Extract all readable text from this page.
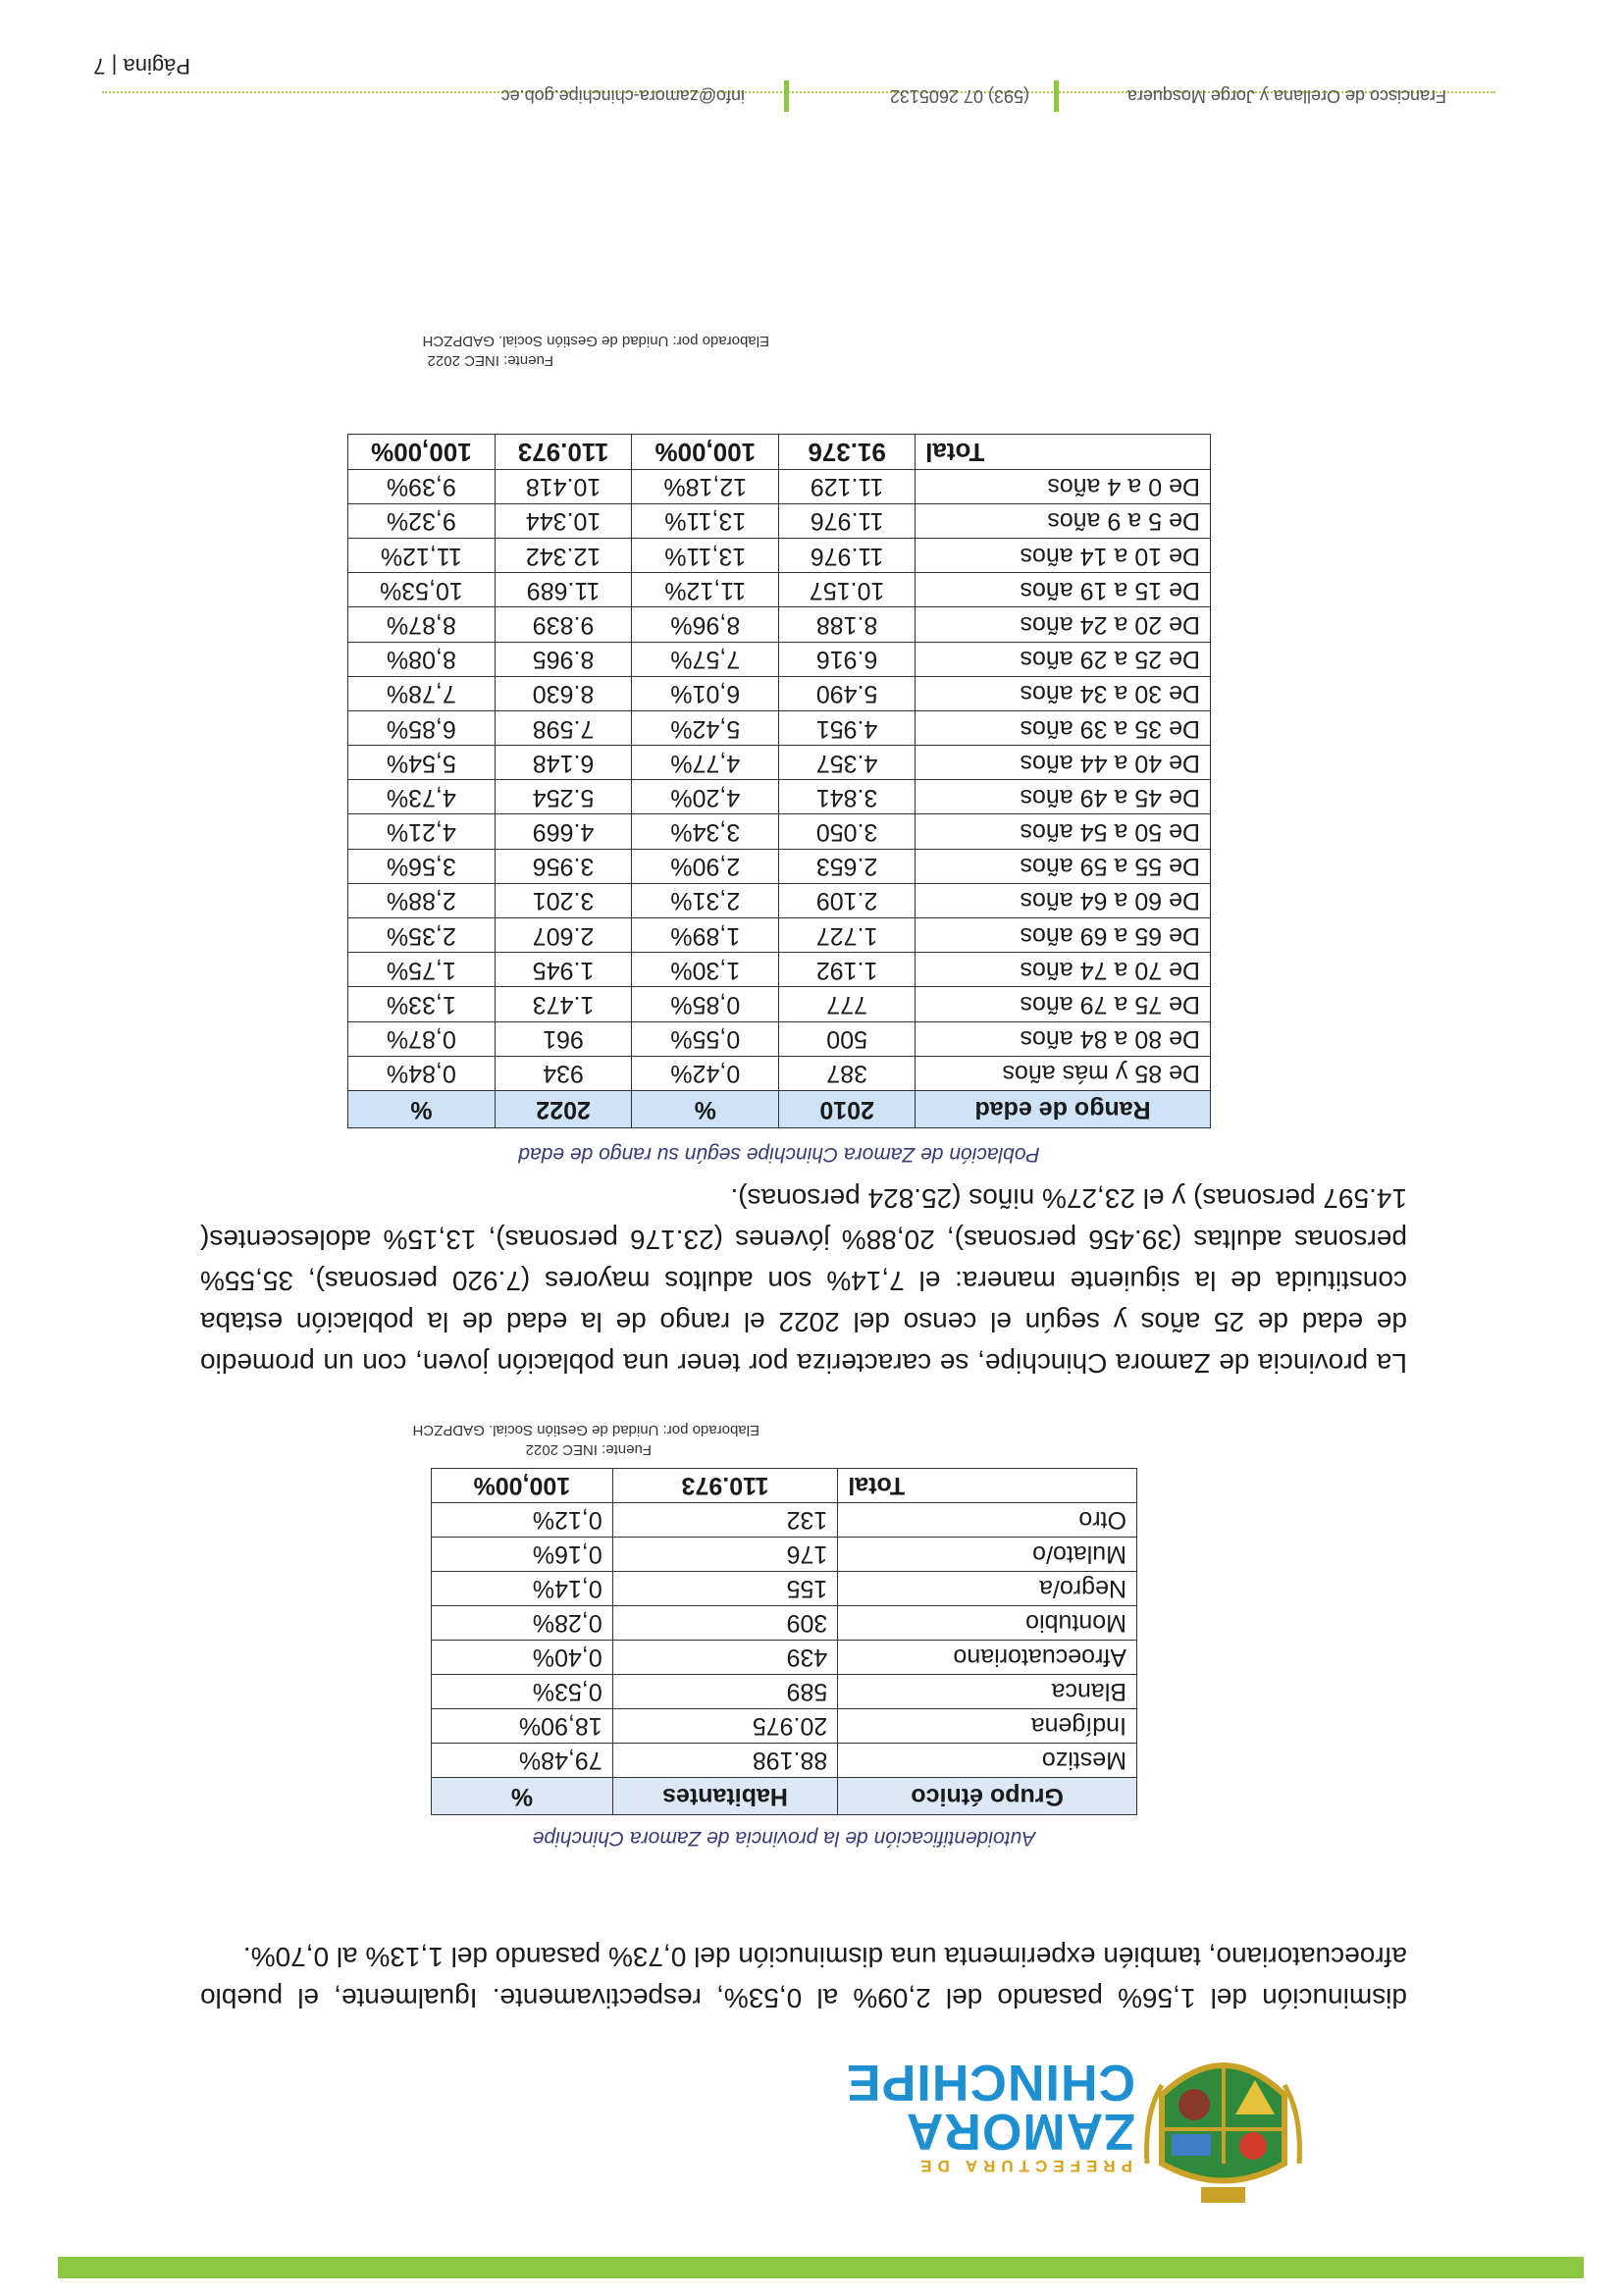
PREFECTURA DE
ZAMORA
CHINCHIPE

disminución del 1,56% pasando del 2,09% al 0,53%, respectivamente. Igualmente, el pueblo afroecuatoriano, también experimenta una disminución del 0,73% pasando del 1,13% al 0,70%.

Autoidentificación de la provincia de Zamora Chinchipe
Grupo étnico	Habitantes	%
Mestizo	88.198	79,48%
Indígena	20.975	18,90%
Blanca	589	0,53%
Afroecuatoriano	439	0,40%
Montubio	309	0,28%
Negro/a	155	0,14%
Mulato/o	176	0,16%
Otro	132	0,12%
Total	110.973	100,00%
Fuente: INEC 2022
Elaborado por: Unidad de Gestión Social. GADPZCH

La provincia de Zamora Chinchipe, se caracteriza por tener una población joven, con un promedio de edad de 25 años y según el censo del 2022 el rango de la edad de la población estaba constituida de la siguiente manera: el 7,14% son adultos mayores (7.920 personas), 35,55% personas adultas (39.456 personas), 20,88% jóvenes (23.176 personas), 13,15% adolescentes( 14.597 personas) y el 23,27% niños (25.824 personas).

Población de Zamora Chinchipe según su rango de edad
Rango de edad	2010	%	2022	%
De 85 y más años	387	0,42%	934	0,84%
De 80 a 84 años	500	0,55%	961	0,87%
De 75 a 79 años	777	0,85%	1.473	1,33%
De 70 a 74 años	1.192	1,30%	1.945	1,75%
De 65 a 69 años	1.727	1,89%	2.607	2,35%
De 60 a 64 años	2.109	2,31%	3.201	2,88%
De 55 a 59 años	2.653	2,90%	3.956	3,56%
De 50 a 54 años	3.050	3,34%	4.669	4,21%
De 45 a 49 años	3.841	4,20%	5.254	4,73%
De 40 a 44 años	4.357	4,77%	6.148	5,54%
De 35 a 39 años	4.951	5,42%	7.598	6,85%
De 30 a 34 años	5.490	6,01%	8.630	7,78%
De 25 a 29 años	6.916	7,57%	8.965	8,08%
De 20 a 24 años	8.188	8,96%	9.839	8,87%
De 15 a 19 años	10.157	11,12%	11.689	10,53%
De 10 a 14 años	11.976	13,11%	12.342	11,12%
De 5 a 9 años	11.976	13,11%	10.344	9,32%
De 0 a 4 años	11.129	12,18%	10.418	9,39%
Total	91.376	100,00%	110.973	100,00%
Fuente: INEC 2022
Elaborado por: Unidad de Gestión Social. GADPZCH
Francisco de Orellana y Jorge Mosquera
(593) 07 2605132
info@zamora-chinchipe.gob.ec
Página | 7
